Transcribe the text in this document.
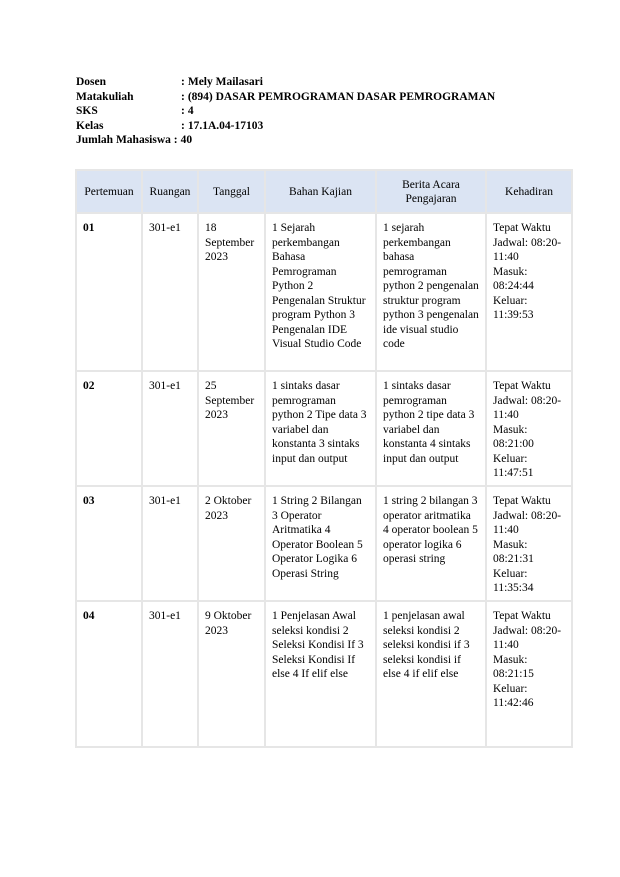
Dosen	: Mely Mailasari
Matakuliah	: (894) DASAR PEMROGRAMAN DASAR PEMROGRAMAN
SKS	: 4
Kelas	: 17.1A.04-17103
Jumlah Mahasiswa
: 40
Pertemuan	Ruangan	Tanggal	Bahan Kajian	Berita Acara Pengajaran	Kehadiran
01	301-e1	18 September 2023	1 Sejarah perkembangan Bahasa Pemrograman Python 2 Pengenalan Struktur program Python 3 Pengenalan IDE Visual Studio Code	1 sejarah perkembangan bahasa pemrograman python 2 pengenalan struktur program python 3 pengenalan ide visual studio code	Tepat Waktu
Jadwal: 08:20-11:40
Masuk: 08:24:44
Keluar: 11:39:53

02	301-e1	25 September 2023	1 sintaks dasar pemrograman python 2 Tipe data 3 variabel dan konstanta 3 sintaks input dan output	1 sintaks dasar pemrograman python 2 tipe data 3 variabel dan konstanta 4 sintaks input dan output	Tepat Waktu
Jadwal: 08:20-11:40
Masuk: 08:21:00
Keluar: 11:47:51

03	301-e1	2 Oktober 2023	1 String 2 Bilangan 3 Operator Aritmatika 4 Operator Boolean 5 Operator Logika 6 Operasi String	1 string 2 bilangan 3 operator aritmatika 4 operator boolean 5 operator logika 6 operasi string	Tepat Waktu
Jadwal: 08:20-11:40
Masuk: 08:21:31
Keluar: 11:35:34

04	301-e1	9 Oktober 2023	1 Penjelasan Awal seleksi kondisi 2 Seleksi Kondisi If 3 Seleksi Kondisi If else 4 If elif else	1 penjelasan awal seleksi kondisi 2 seleksi kondisi if 3 seleksi kondisi if else 4 if elif else	Tepat Waktu
Jadwal: 08:20-11:40
Masuk: 08:21:15
Keluar: 11:42:46
